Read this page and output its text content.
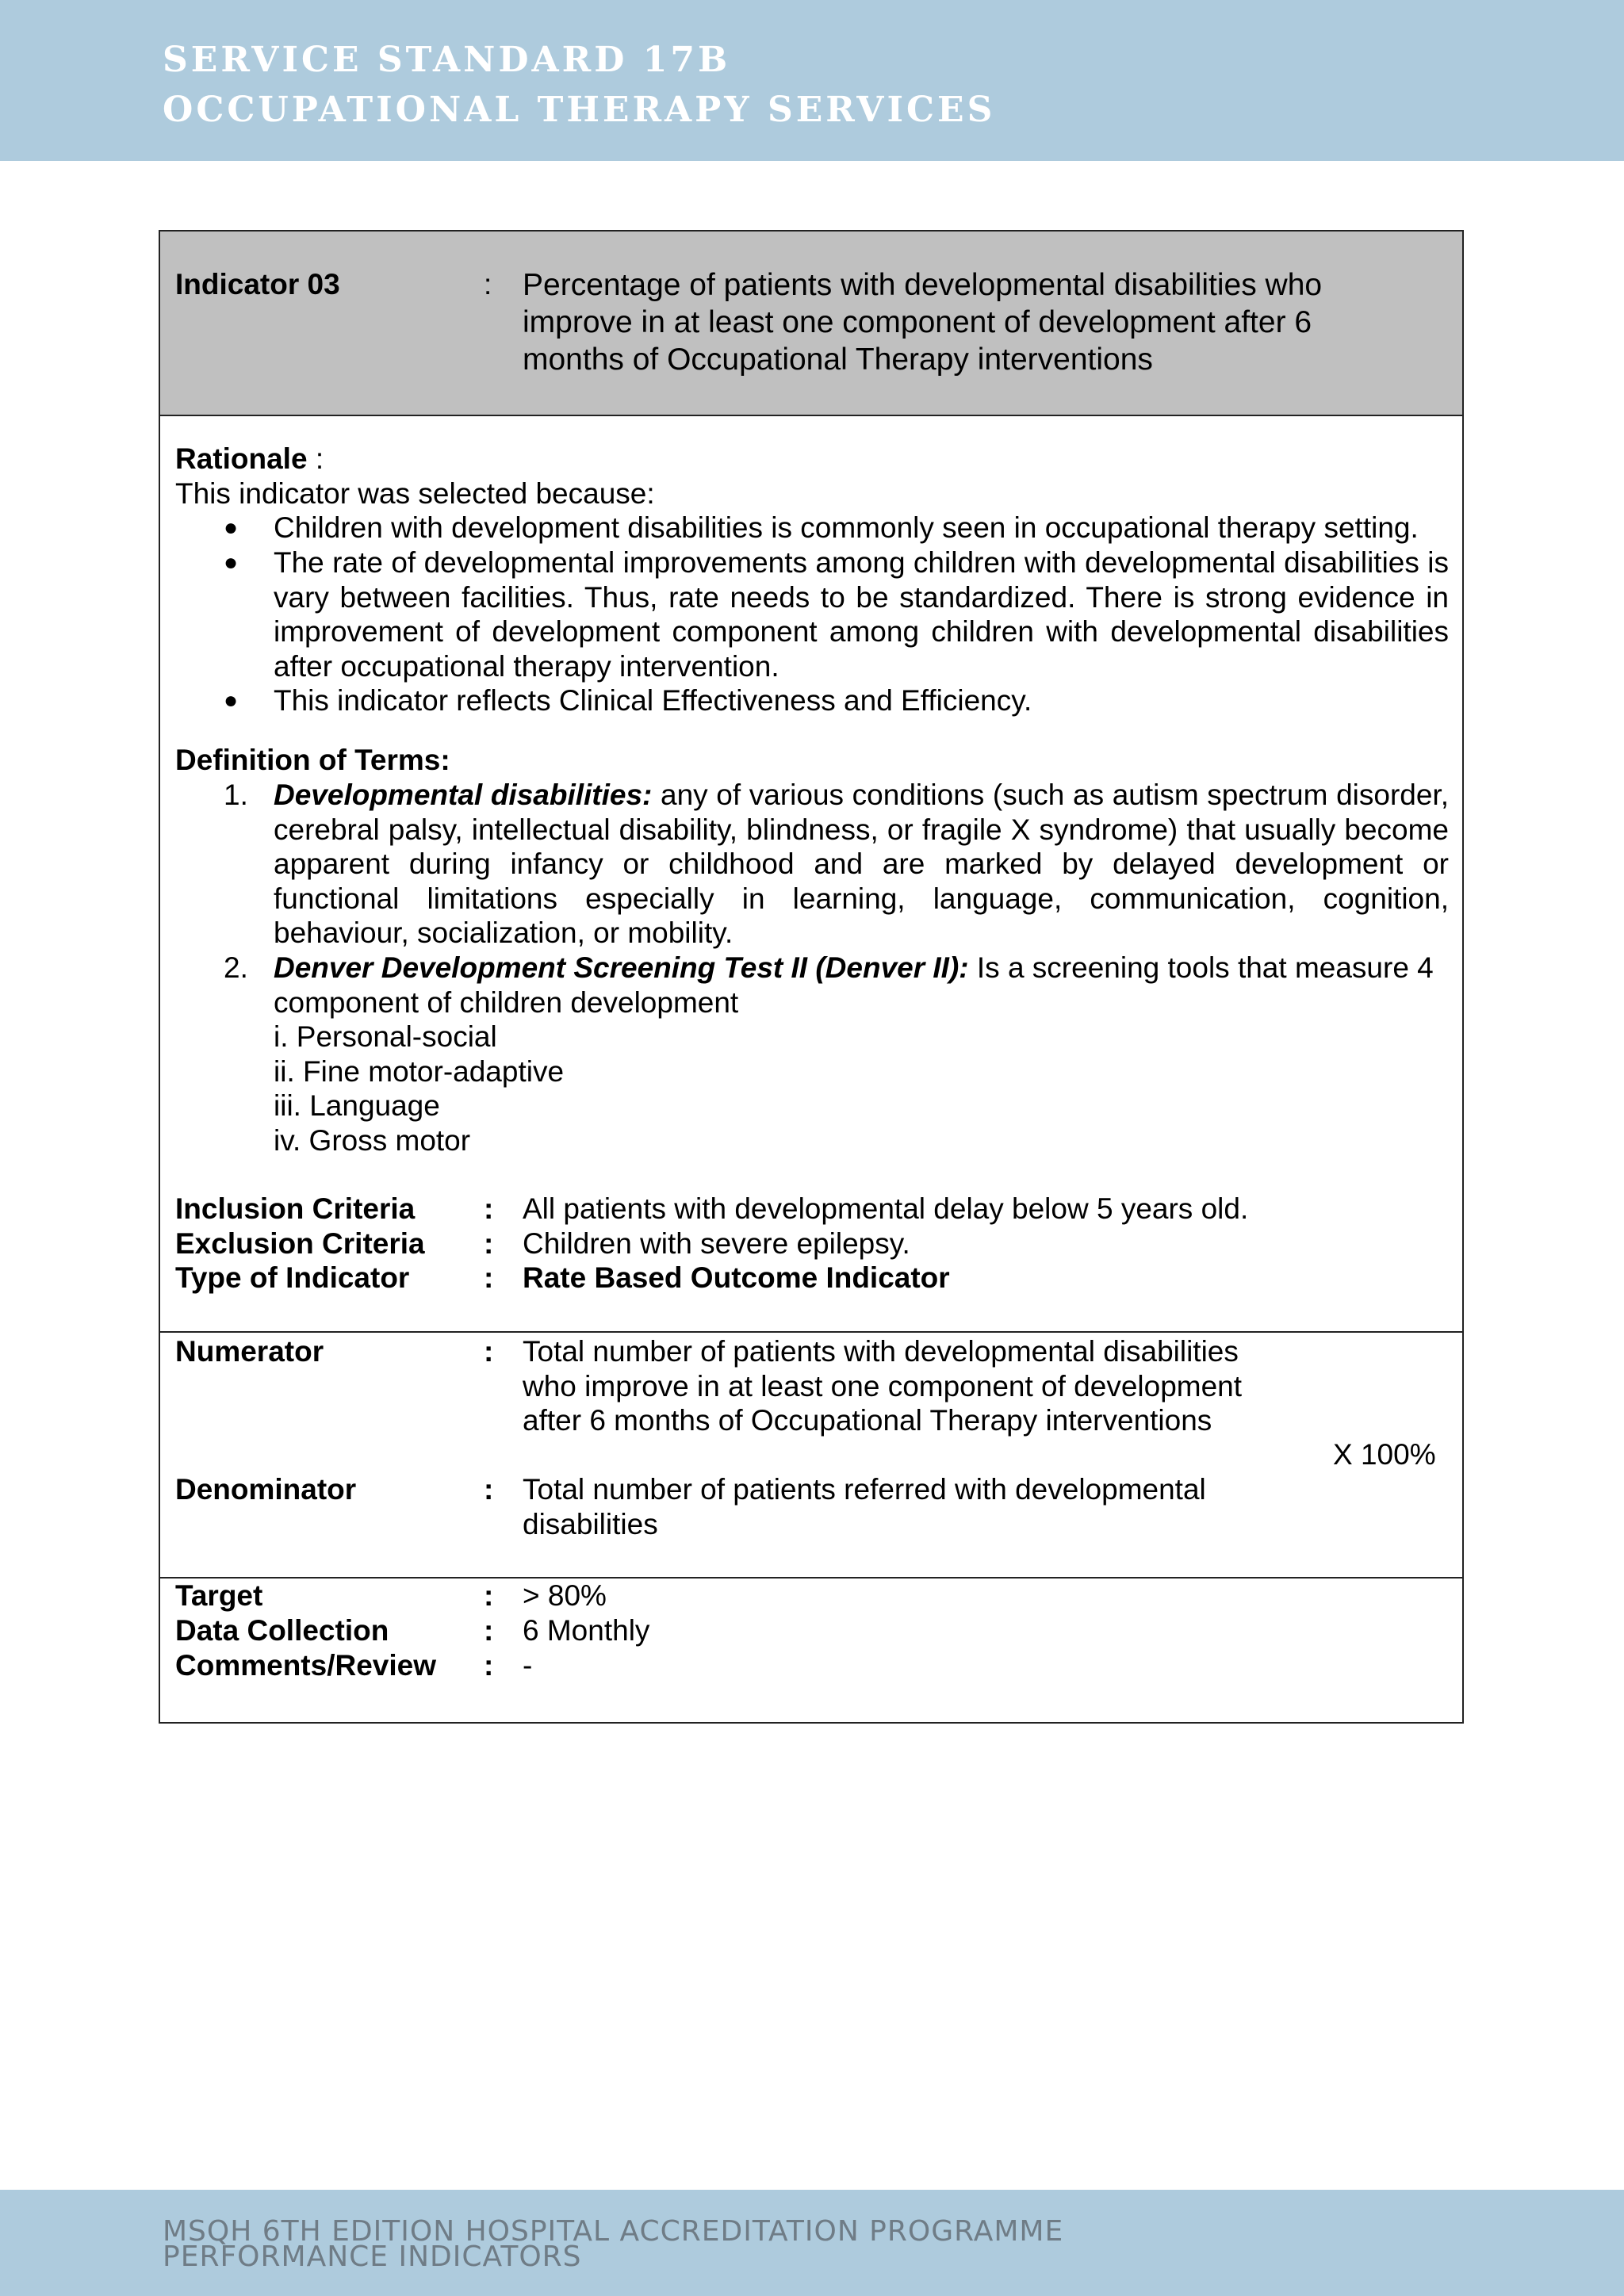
SERVICE STANDARD 17B
OCCUPATIONAL THERAPY SERVICES
Indicator 03	: Percentage of patients with developmental disabilities who improve in at least one component of development after 6 months of Occupational Therapy interventions
Rationale :
This indicator was selected because:
● Children with development disabilities is commonly seen in occupational therapy setting.
● The rate of developmental improvements among children with developmental disabilities is vary between facilities. Thus, rate needs to be standardized. There is strong evidence in improvement of development component among children with developmental disabilities after occupational therapy intervention.
● This indicator reflects Clinical Effectiveness and Efficiency.
Definition of Terms:
1. Developmental disabilities: any of various conditions (such as autism spectrum disorder, cerebral palsy, intellectual disability, blindness, or fragile X syndrome) that usually become apparent during infancy or childhood and are marked by delayed development or functional limitations especially in learning, language, communication, cognition, behaviour, socialization, or mobility.
2. Denver Development Screening Test II (Denver II): Is a screening tools that measure 4 component of children development
i. Personal-social
ii. Fine motor-adaptive
iii. Language
iv. Gross motor
Inclusion Criteria : All patients with developmental delay below 5 years old.
Exclusion Criteria : Children with severe epilepsy.
Type of Indicator	: Rate Based Outcome Indicator
Numerator	: Total number of patients with developmental disabilities who improve in at least one component of development after 6 months of Occupational Therapy interventions
X 100%
Denominator	: Total number of patients referred with developmental disabilities
Target	: > 80%
Data Collection	: 6 Monthly
Comments/Review : -
MSQH 6TH EDITION HOSPITAL ACCREDITATION PROGRAMME
PERFORMANCE INDICATORS
